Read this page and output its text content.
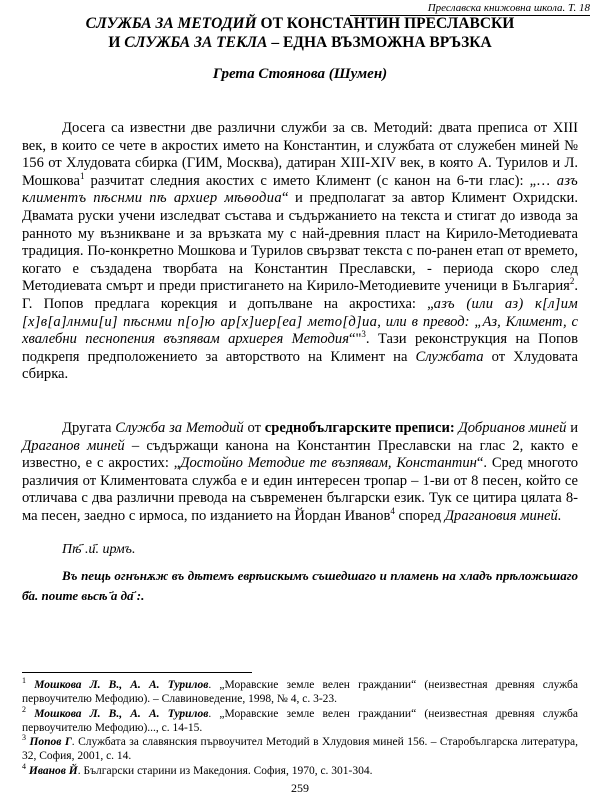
Преславска книжовна школа. Т. 18
СЛУЖБА ЗА МЕТОДИЙ ОТ КОНСТАНТИН ПРЕСЛАВСКИ
И СЛУЖБА ЗА ТЕКЛА – ЕДНА ВЪЗМОЖНА ВРЪЗКА
Грета Стоянова (Шумен)
Досега са известни две различни служби за св. Методий: двата преписа от XIII век, в които се чете в акростих името на Константин, и службата от служебен миней № 156 от Хлудовата сбирка (ГИМ, Москва), датиран XIII-XIV век, в която А. Турилов и Л. Мошкова$^1$ разчитат следния акостих с името Климент (с канон на 6-ти глас): „… азъ климентъ пѣснми пѣ архиер мѣѳодиа“ и предполагат за автор Климент Охридски. Двамата руски учени изследват състава и съдържанието на текста и стигат до извода за ранното му възникване и за връзката му с най-древния пласт на Кирило-Методиевата традиция. По-конкретно Мошкова и Турилов свързват текста с по-ранен етап от времето, когато е създадена творбата на Константин Преславски, - периода скоро след Методиевата смърт и преди пристигането на Кирило-Методиевите ученици в България$^2$. Г. Попов предлага корекция и допълване на акростиха: „азъ (или аз) к[л]им [х]в[а]лнми[и] пѣснми п[о]ю ар[х]иер[еа] мето[д]иа, или в превод: „Аз, Климент, с хвалебни песнопения възпявам архиерея Методия“"$^3$. Тази реконструкция на Попов подкрепя предположението за авторството на Климент на Службата от Хлудовата сбирка.
Другата Служба за Методий от среднобългарските преписи: Добрианов миней и Драганов миней – съдържащи канона на Константин Преславски на глас 2, както е известно, е с акростих: „Достойно Методие те възпявам, Константин“. Сред многото различия от Климентовата служба е и един интересен тропар – 1-ви от 8 песен, който се отличава с два различни превода на съвременен български език. Тук се цитира цялата 8-ма песен, заедно с ирмоса, по изданието на Йордан Иванов$^4$ според Драгановия миней.
Пѣ҃ .и҃. ирмъ.
Въ пещь огнънѫж въ дѣтемъ еврѣискымъ съшедшаго и пламень на хладъ прѣложьшаго б҃а. поите вьсѣ ҃а да҃ :.

$^1$ Мошкова Л. В., А. А. Турилов. „Моравские земле велен граждании“ (неизвестная древняя служба первоучителю Мефодию). – Славиноведение, 1998, № 4, с. 3-23.

$^2$ Мошкова Л. В., А. А. Турилов. „Моравские земле велен граждании“ (неизвестная древняя служба первоучителю Мефодию)..., с. 14-15.

$^3$ Попов Г. Службата за славянския първоучител Методий в Хлудовия миней 156. – Старобългарска литература, 32, София, 2001, с. 14.

$^4$ Иванов Й. Български старини из Македония. София, 1970, с. 301-304.

259
